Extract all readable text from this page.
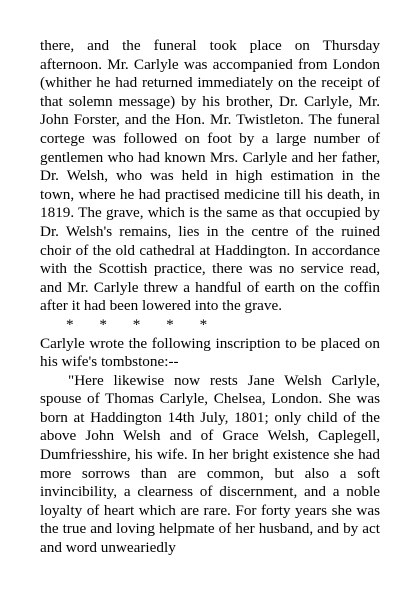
there, and the funeral took place on Thursday afternoon. Mr. Carlyle was accompanied from London (whither he had returned immediately on the receipt of that solemn message) by his brother, Dr. Carlyle, Mr. John Forster, and the Hon. Mr. Twistleton. The funeral cortege was followed on foot by a large number of gentlemen who had known Mrs. Carlyle and her father, Dr. Welsh, who was held in high estimation in the town, where he had practised medicine till his death, in 1819. The grave, which is the same as that occupied by Dr. Welsh's remains, lies in the centre of the ruined choir of the old cathedral at Haddington. In accordance with the Scottish practice, there was no service read, and Mr. Carlyle threw a handful of earth on the coffin after it had been lowered into the grave.

* * * * *

Carlyle wrote the following inscription to be placed on his wife's tombstone:--

"Here likewise now rests Jane Welsh Carlyle, spouse of Thomas Carlyle, Chelsea, London. She was born at Haddington 14th July, 1801; only child of the above John Welsh and of Grace Welsh, Caplegell, Dumfriesshire, his wife. In her bright existence she had more sorrows than are common, but also a soft invincibility, a clearness of discernment, and a noble loyalty of heart which are rare. For forty years she was the true and loving helpmate of her husband, and by act and word unweariedly
